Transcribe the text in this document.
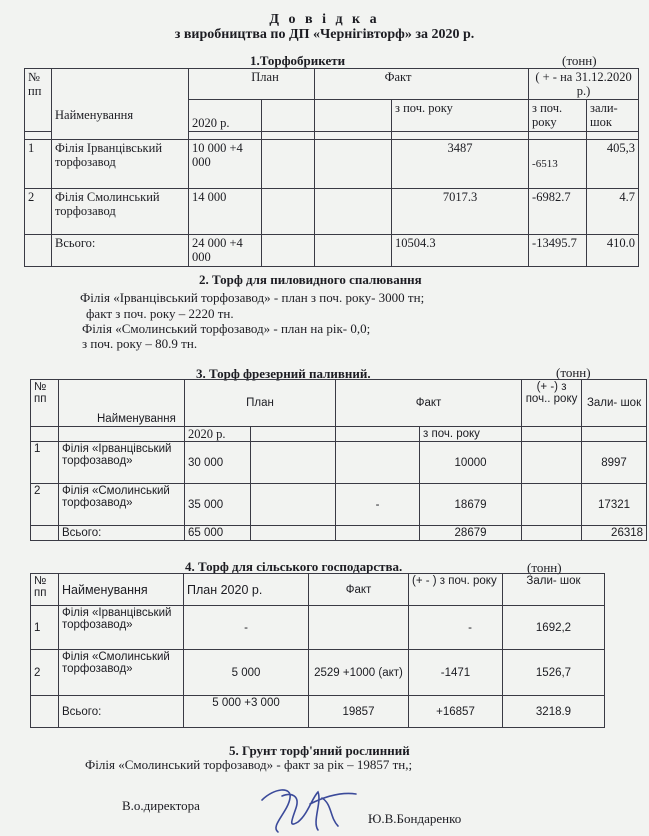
Д о в і д к а
з виробництва по ДП «Чернігівторф» за 2020 р.
1.Торфобрикети	(тонн)
№ пп	Найменування	План		Факт		( + - на 31.12.2020 р.)	
		2020 р.			з поч. року	з поч. року	зали- шок

1	Філія Ірванцівський торфозавод	10 000 +4 000			3487	-6513	405,3
2	Філія Смолинський торфозавод	14 000			7017.3	-6982.7	4.7
	Всього:	24 000 +4 000			10504.3	-13495.7	410.0
2. Торф для пиловидного спалювання
Філія «Ірванцівський торфозавод» - план з поч. року- 3000 тн;
факт з поч. року – 2220 тн.
Філія «Смолинський торфозавод» - план на рік- 0,0;
з поч. року – 80.9 тн.
3. Торф фрезерний паливний.	(тонн)
№ пп	Найменування	План		Факт		(+ -) з поч.. року	Зали- шок
		2020 р.			з поч. року		
1	Філія «Ірванцівський торфозавод»	30 000			10000		8997
2	Філія «Смолинський торфозавод»	35 000		-	18679		17321
	Всього:	65 000			28679		26318
4. Торф для сільського господарства.	(тонн)
№ пп	Найменування	План 2020 р.	Факт	(+ - ) з поч. року	Зали- шок
1	Філія «Ірванцівський торфозавод»	-		-	1692,2
2	Філія «Смолинський торфозавод»	5 000	2529 +1000 (акт)	-1471	1526,7
	Всього:	5 000 +3 000	19857	+16857	3218.9
5. Грунт торф'яний рослинний
Філія «Смолинський торфозавод» - факт за рік – 19857 тн,;
В.о.директора
Ю.В.Бондаренко
